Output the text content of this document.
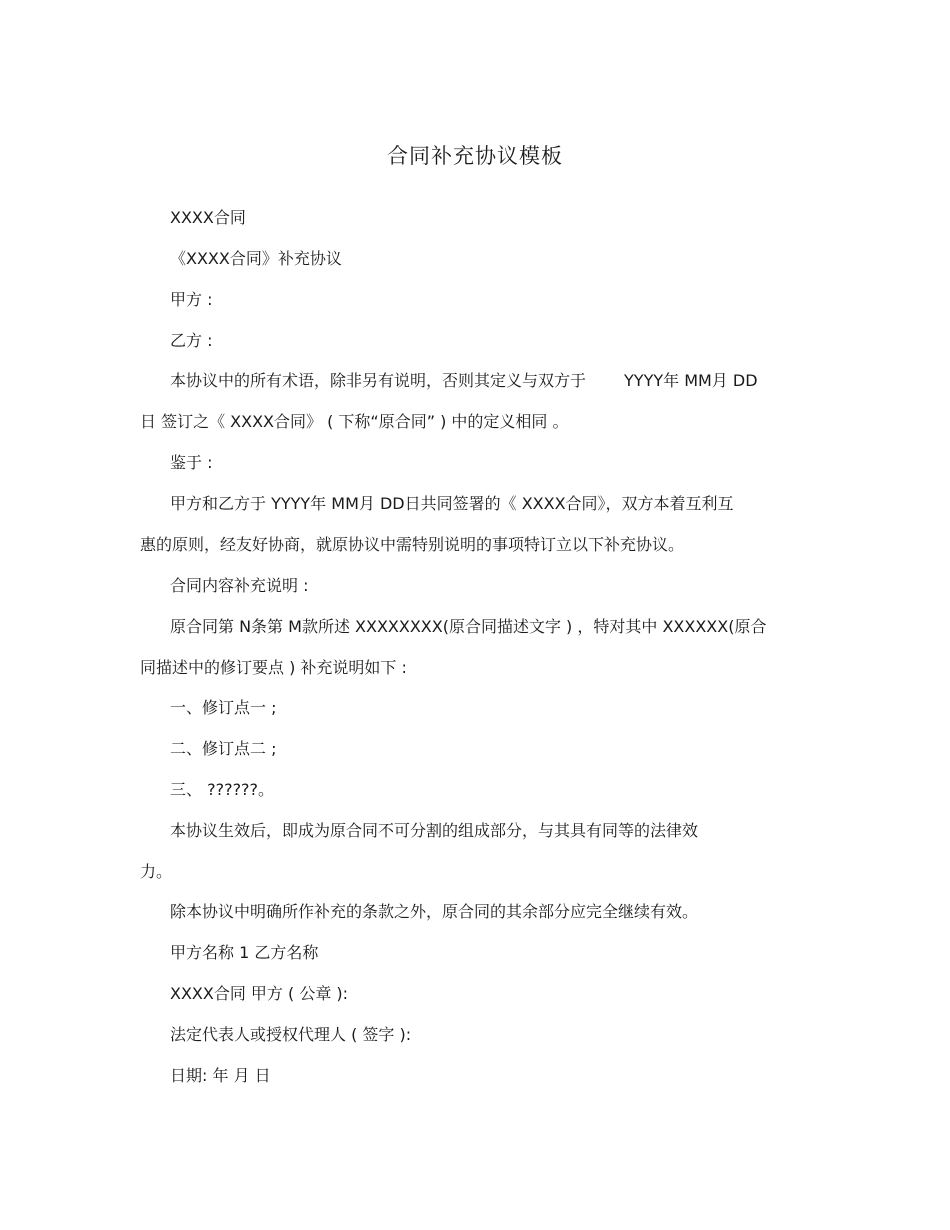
合同补充协议模板
XXXX合同
《XXXX合同》补充协议
甲方 :
乙方 :
本协议中的所有术语，除非另有说明，否则其定义与双方于 YYYY年 MM月 DD
日 签订之《 XXXX合同》 ( 下称“原合同” ) 中的定义相同 。
鉴于 :
甲方和乙方于 YYYY年 MM月 DD日共同签署的《 XXXX合同》，双方本着互利互
惠的原则，经友好协商，就原协议中需特别说明的事项特订立以下补充协议。
合同内容补充说明 :
原合同第 N条第 M款所述 XXXXXXXX(原合同描述文字 ) ，特对其中 XXXXXX(原合
同描述中的修订要点 ) 补充说明如下 :
一、修订点一 ;
二、修订点二 ;
三、 ??????。
本协议生效后，即成为原合同不可分割的组成部分，与其具有同等的法律效
力。
除本协议中明确所作补充的条款之外，原合同的其余部分应完全继续有效。
甲方名称 1 乙方名称
XXXX合同 甲方 ( 公章 ):
法定代表人或授权代理人 ( 签字 ):
日期: 年 月 日
